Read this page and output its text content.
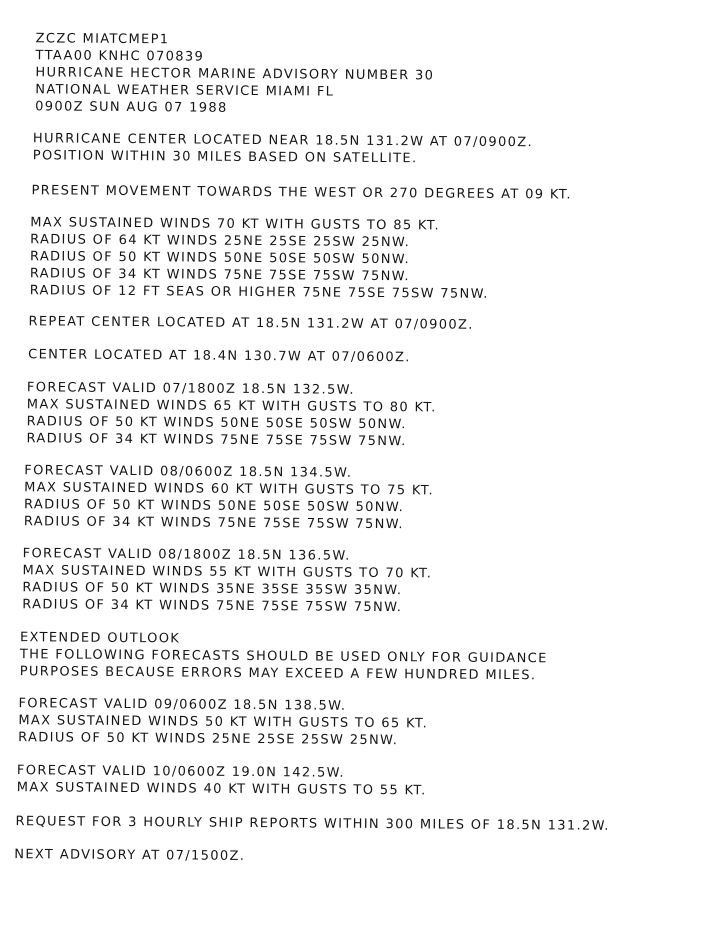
ZCZC MIATCMEP1
TTAA00 KNHC 070839
HURRICANE HECTOR MARINE ADVISORY NUMBER 30
NATIONAL WEATHER SERVICE MIAMI FL
0900Z SUN AUG 07 1988
HURRICANE CENTER LOCATED NEAR 18.5N 131.2W AT 07/0900Z.
POSITION WITHIN 30 MILES BASED ON SATELLITE.
PRESENT MOVEMENT TOWARDS THE WEST OR 270 DEGREES AT 09 KT.
MAX SUSTAINED WINDS 70 KT WITH GUSTS TO 85 KT.
RADIUS OF 64 KT WINDS 25NE 25SE 25SW 25NW.
RADIUS OF 50 KT WINDS 50NE 50SE 50SW 50NW.
RADIUS OF 34 KT WINDS 75NE 75SE 75SW 75NW.
RADIUS OF 12 FT SEAS OR HIGHER 75NE 75SE 75SW 75NW.
REPEAT CENTER LOCATED AT 18.5N 131.2W AT 07/0900Z.
CENTER LOCATED AT 18.4N 130.7W AT 07/0600Z.
FORECAST VALID 07/1800Z 18.5N 132.5W.
MAX SUSTAINED WINDS 65 KT WITH GUSTS TO 80 KT.
RADIUS OF 50 KT WINDS 50NE 50SE 50SW 50NW.
RADIUS OF 34 KT WINDS 75NE 75SE 75SW 75NW.
FORECAST VALID 08/0600Z 18.5N 134.5W.
MAX SUSTAINED WINDS 60 KT WITH GUSTS TO 75 KT.
RADIUS OF 50 KT WINDS 50NE 50SE 50SW 50NW.
RADIUS OF 34 KT WINDS 75NE 75SE 75SW 75NW.
FORECAST VALID 08/1800Z 18.5N 136.5W.
MAX SUSTAINED WINDS 55 KT WITH GUSTS TO 70 KT.
RADIUS OF 50 KT WINDS 35NE 35SE 35SW 35NW.
RADIUS OF 34 KT WINDS 75NE 75SE 75SW 75NW.
EXTENDED OUTLOOK
THE FOLLOWING FORECASTS SHOULD BE USED ONLY FOR GUIDANCE
PURPOSES BECAUSE ERRORS MAY EXCEED A FEW HUNDRED MILES.
FORECAST VALID 09/0600Z 18.5N 138.5W.
MAX SUSTAINED WINDS 50 KT WITH GUSTS TO 65 KT.
RADIUS OF 50 KT WINDS 25NE 25SE 25SW 25NW.
FORECAST VALID 10/0600Z 19.0N 142.5W.
MAX SUSTAINED WINDS 40 KT WITH GUSTS TO 55 KT.
REQUEST FOR 3 HOURLY SHIP REPORTS WITHIN 300 MILES OF 18.5N 131.2W.
NEXT ADVISORY AT 07/1500Z.
